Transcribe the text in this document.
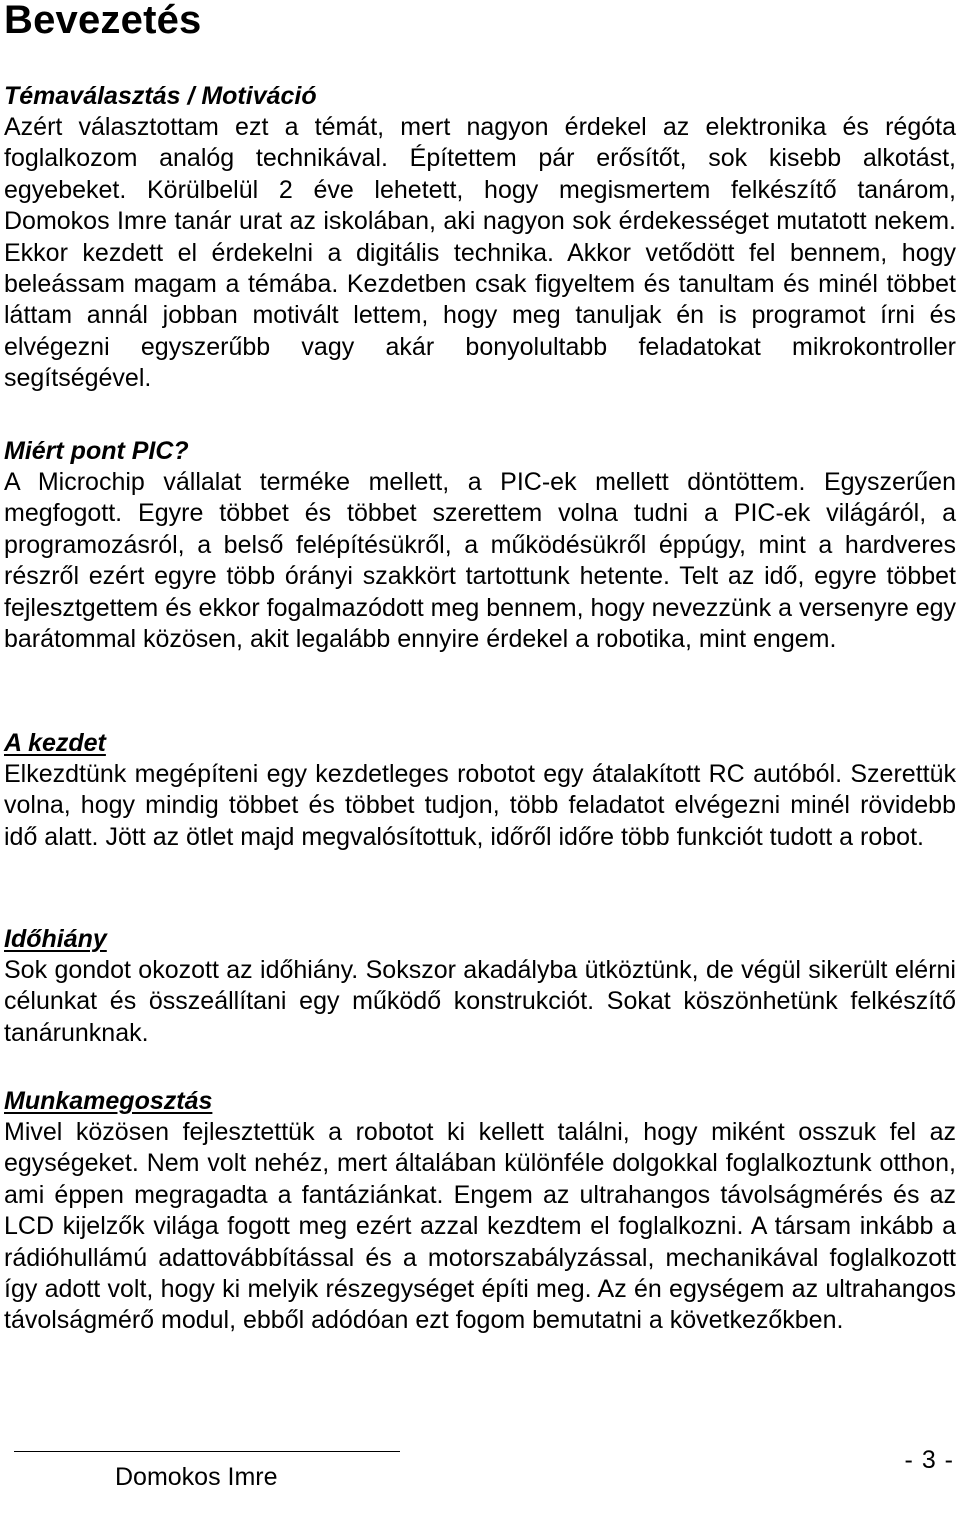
Bevezetés
Témaválasztás / Motiváció

Azért választottam ezt a témát, mert nagyon érdekel az elektronika és régóta foglalkozom analóg technikával. Építettem pár erősítőt, sok kisebb alkotást, egyebeket. Körülbelül 2 éve lehetett, hogy megismertem felkészítő tanárom, Domokos Imre tanár urat az iskolában, aki nagyon sok érdekességet mutatott nekem. Ekkor kezdett el érdekelni a digitális technika. Akkor vetődött fel bennem, hogy beleássam magam a témába. Kezdetben csak figyeltem és tanultam és minél többet láttam annál jobban motivált lettem, hogy meg tanuljak én is programot írni és elvégezni egyszerűbb vagy akár bonyolultabb feladatokat mikrokontroller segítségével.

Miért pont PIC?

A Microchip vállalat terméke mellett, a PIC-ek mellett döntöttem. Egyszerűen megfogott. Egyre többet és többet szerettem volna tudni a PIC-ek világáról, a programozásról, a belső felépítésükről, a működésükről éppúgy, mint a hardveres részről ezért egyre több órányi szakkört tartottunk hetente. Telt az idő, egyre többet fejlesztgettem és ekkor fogalmazódott meg bennem, hogy nevezzünk a versenyre egy barátommal közösen, akit legalább ennyire érdekel a robotika, mint engem.

A kezdet

Elkezdtünk megépíteni egy kezdetleges robotot egy átalakított RC autóból. Szerettük volna, hogy mindig többet és többet tudjon, több feladatot elvégezni minél rövidebb idő alatt. Jött az ötlet majd megvalósítottuk, időről időre több funkciót tudott a robot.

Időhiány

Sok gondot okozott az időhiány. Sokszor akadályba ütköztünk, de végül sikerült elérni célunkat és összeállítani egy működő konstrukciót. Sokat köszönhetünk felkészítő tanárunknak.

Munkamegosztás

Mivel közösen fejlesztettük a robotot ki kellett találni, hogy miként osszuk fel az egységeket. Nem volt nehéz, mert általában különféle dolgokkal foglalkoztunk otthon, ami éppen megragadta a fantáziánkat. Engem az ultrahangos távolságmérés és az LCD kijelzők világa fogott meg ezért azzal kezdtem el foglalkozni. A társam inkább a rádióhullámú adattovábbítással és a motorszabályzással, mechanikával foglalkozott így adott volt, hogy ki melyik részegységet építi meg. Az én egységem az ultrahangos távolságmérő modul, ebből adódóan ezt fogom bemutatni a következőkben.

Domokos Imre
- 3 -
